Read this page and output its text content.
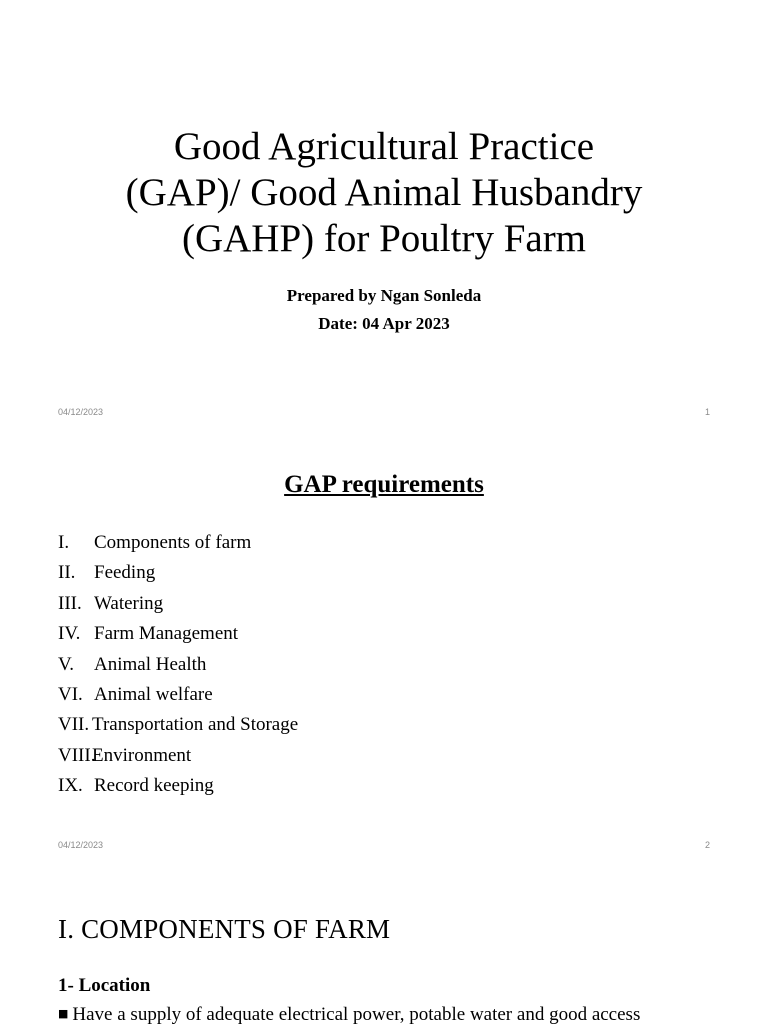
Good Agricultural Practice
(GAP)/ Good Animal Husbandry
(GAHP) for Poultry Farm
Prepared by Ngan Sonleda
Date: 04 Apr 2023
04/12/2023	1
GAP requirements
I. Components of farm
II. Feeding
III. Watering
IV. Farm Management
V. Animal Health
VI. Animal welfare
VII. Transportation and Storage
VIII.Environment
IX. Record keeping
04/12/2023	2
I. COMPONENTS OF FARM
1- Location
■ Have a supply of adequate electrical power, potable water and good access
